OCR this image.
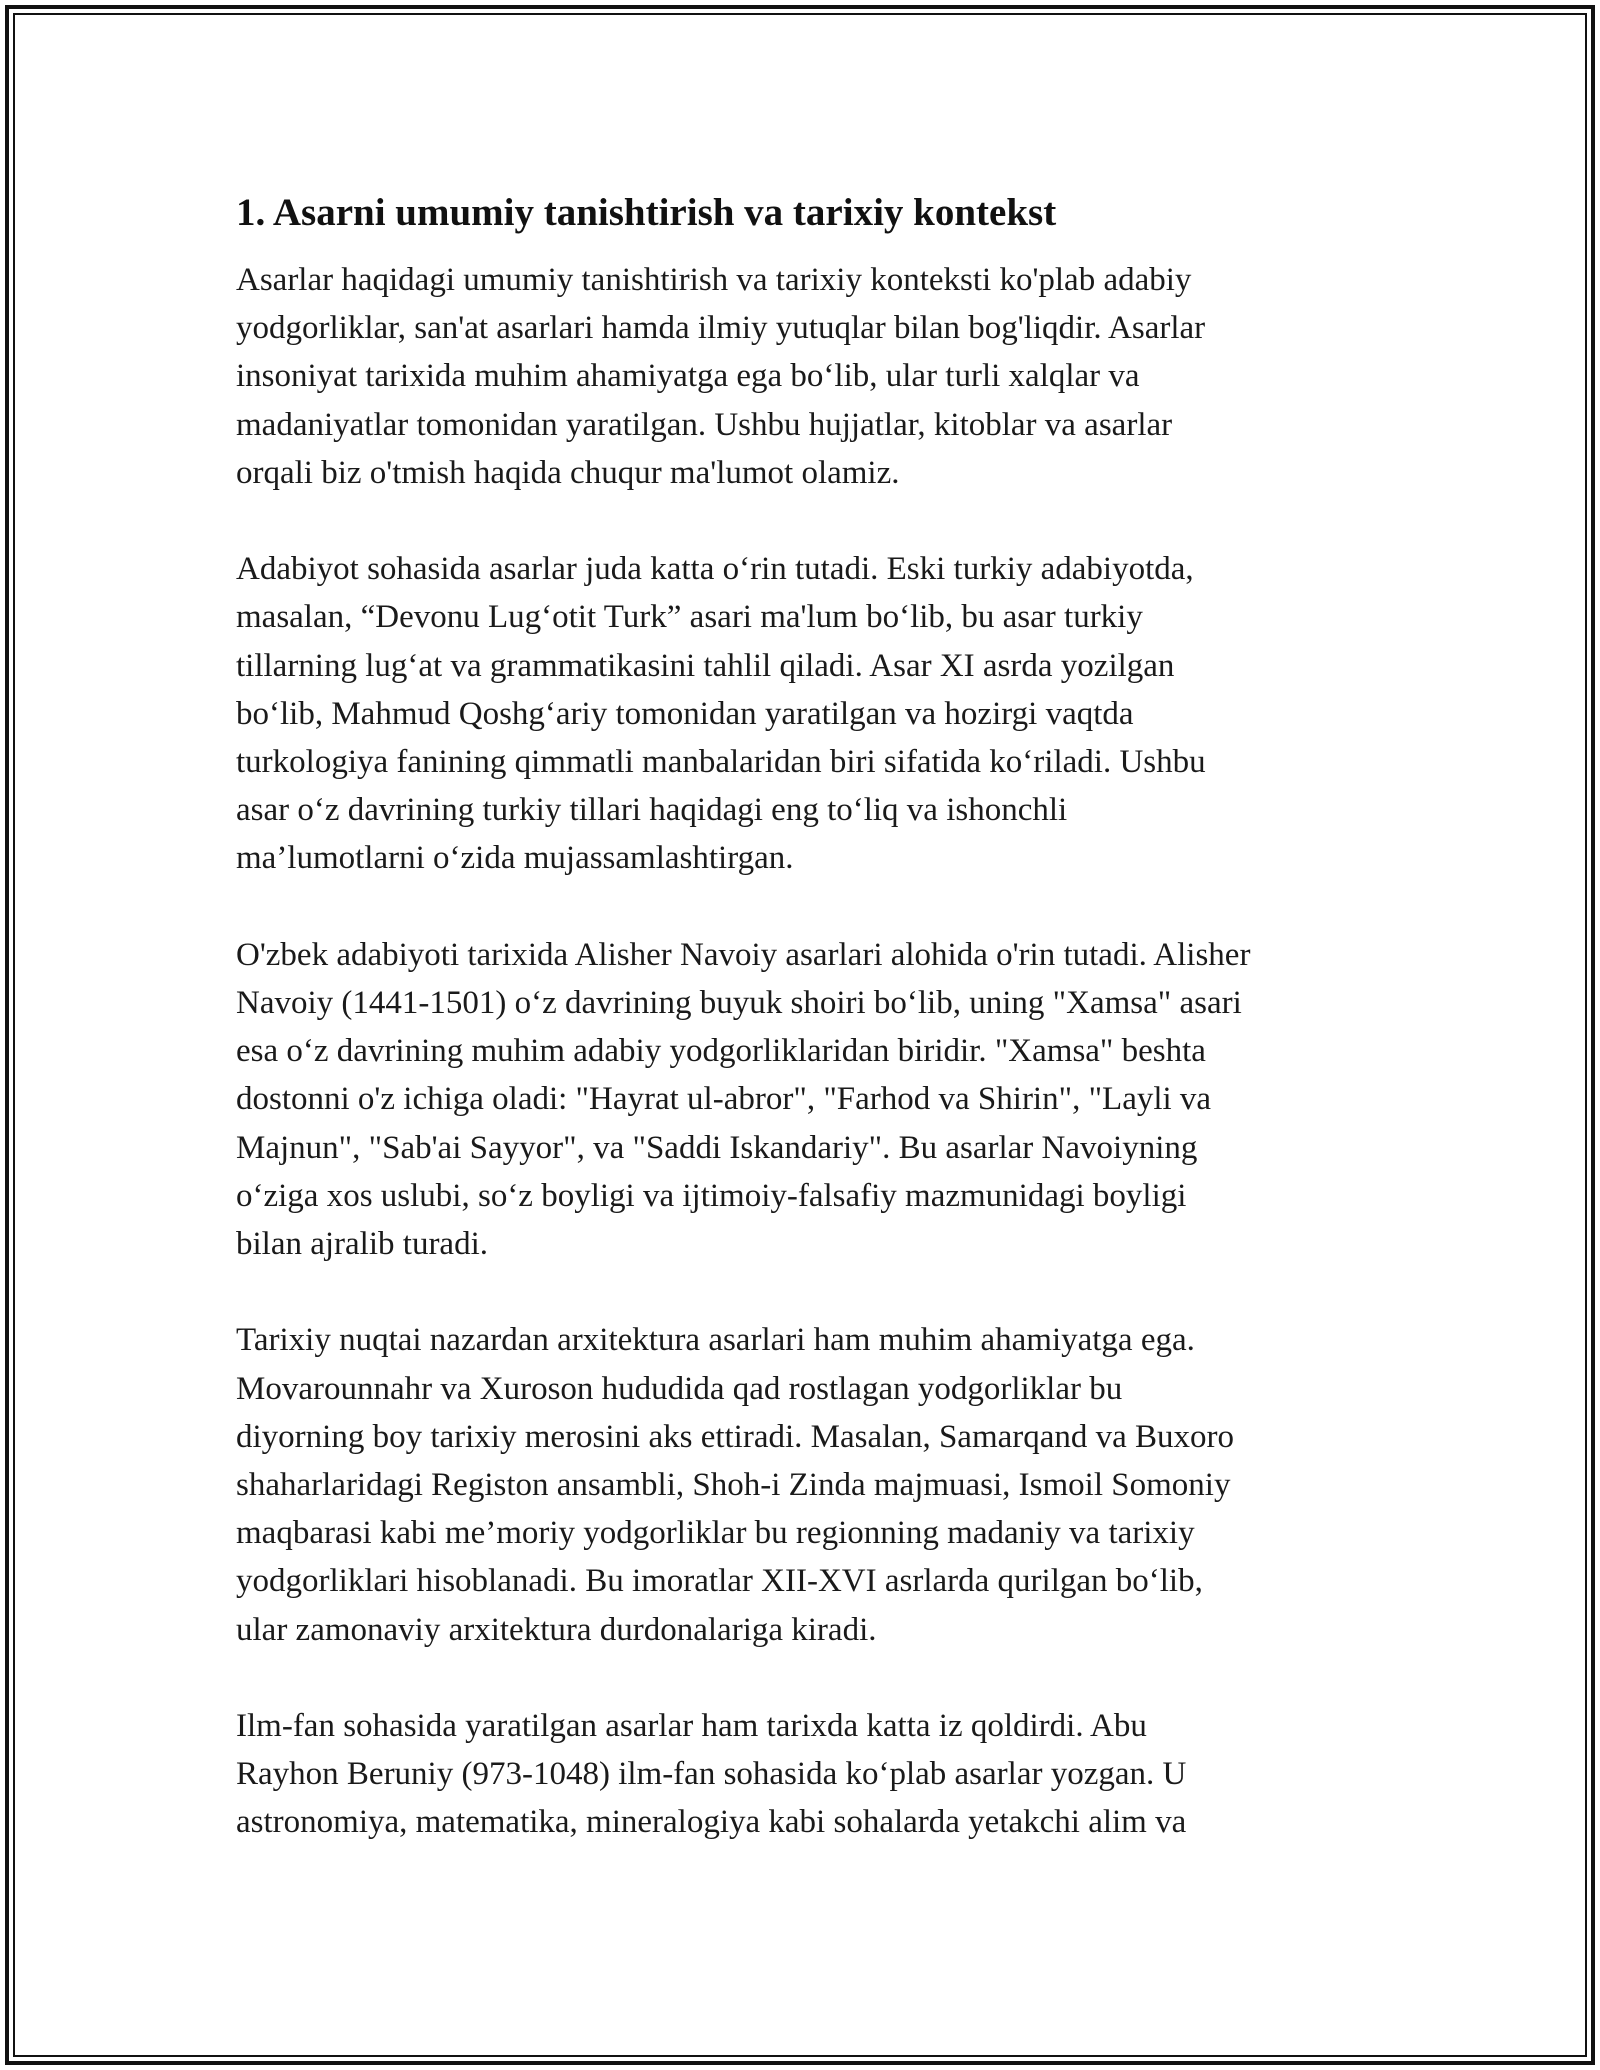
1. Asarni umumiy tanishtirish va tarixiy kontekst
Asarlar haqidagi umumiy tanishtirish va tarixiy konteksti ko'plab adabiy
yodgorliklar, san'at asarlari hamda ilmiy yutuqlar bilan bog'liqdir. Asarlar
insoniyat tarixida muhim ahamiyatga ega bo‘lib, ular turli xalqlar va
madaniyatlar tomonidan yaratilgan. Ushbu hujjatlar, kitoblar va asarlar
orqali biz o'tmish haqida chuqur ma'lumot olamiz.
Adabiyot sohasida asarlar juda katta o‘rin tutadi. Eski turkiy adabiyotda,
masalan, “Devonu Lug‘otit Turk” asari ma'lum bo‘lib, bu asar turkiy
tillarning lug‘at va grammatikasini tahlil qiladi. Asar XI asrda yozilgan
bo‘lib, Mahmud Qoshg‘ariy tomonidan yaratilgan va hozirgi vaqtda
turkologiya fanining qimmatli manbalaridan biri sifatida ko‘riladi. Ushbu
asar o‘z davrining turkiy tillari haqidagi eng to‘liq va ishonchli
ma’lumotlarni o‘zida mujassamlashtirgan.
O'zbek adabiyoti tarixida Alisher Navoiy asarlari alohida o'rin tutadi. Alisher
Navoiy (1441-1501) o‘z davrining buyuk shoiri bo‘lib, uning "Xamsa" asari
esa o‘z davrining muhim adabiy yodgorliklaridan biridir. "Xamsa" beshta
dostonni o'z ichiga oladi: "Hayrat ul-abror", "Farhod va Shirin", "Layli va
Majnun", "Sab'ai Sayyor", va "Saddi Iskandariy". Bu asarlar Navoiyning
o‘ziga xos uslubi, so‘z boyligi va ijtimoiy-falsafiy mazmunidagi boyligi
bilan ajralib turadi.
Tarixiy nuqtai nazardan arxitektura asarlari ham muhim ahamiyatga ega.
Movarounnahr va Xuroson hududida qad rostlagan yodgorliklar bu
diyorning boy tarixiy merosini aks ettiradi. Masalan, Samarqand va Buxoro
shaharlaridagi Registon ansambli, Shoh-i Zinda majmuasi, Ismoil Somoniy
maqbarasi kabi me’moriy yodgorliklar bu regionning madaniy va tarixiy
yodgorliklari hisoblanadi. Bu imoratlar XII-XVI asrlarda qurilgan bo‘lib,
ular zamonaviy arxitektura durdonalariga kiradi.
Ilm-fan sohasida yaratilgan asarlar ham tarixda katta iz qoldirdi. Abu
Rayhon Beruniy (973-1048) ilm-fan sohasida ko‘plab asarlar yozgan. U
astronomiya, matematika, mineralogiya kabi sohalarda yetakchi alim va
